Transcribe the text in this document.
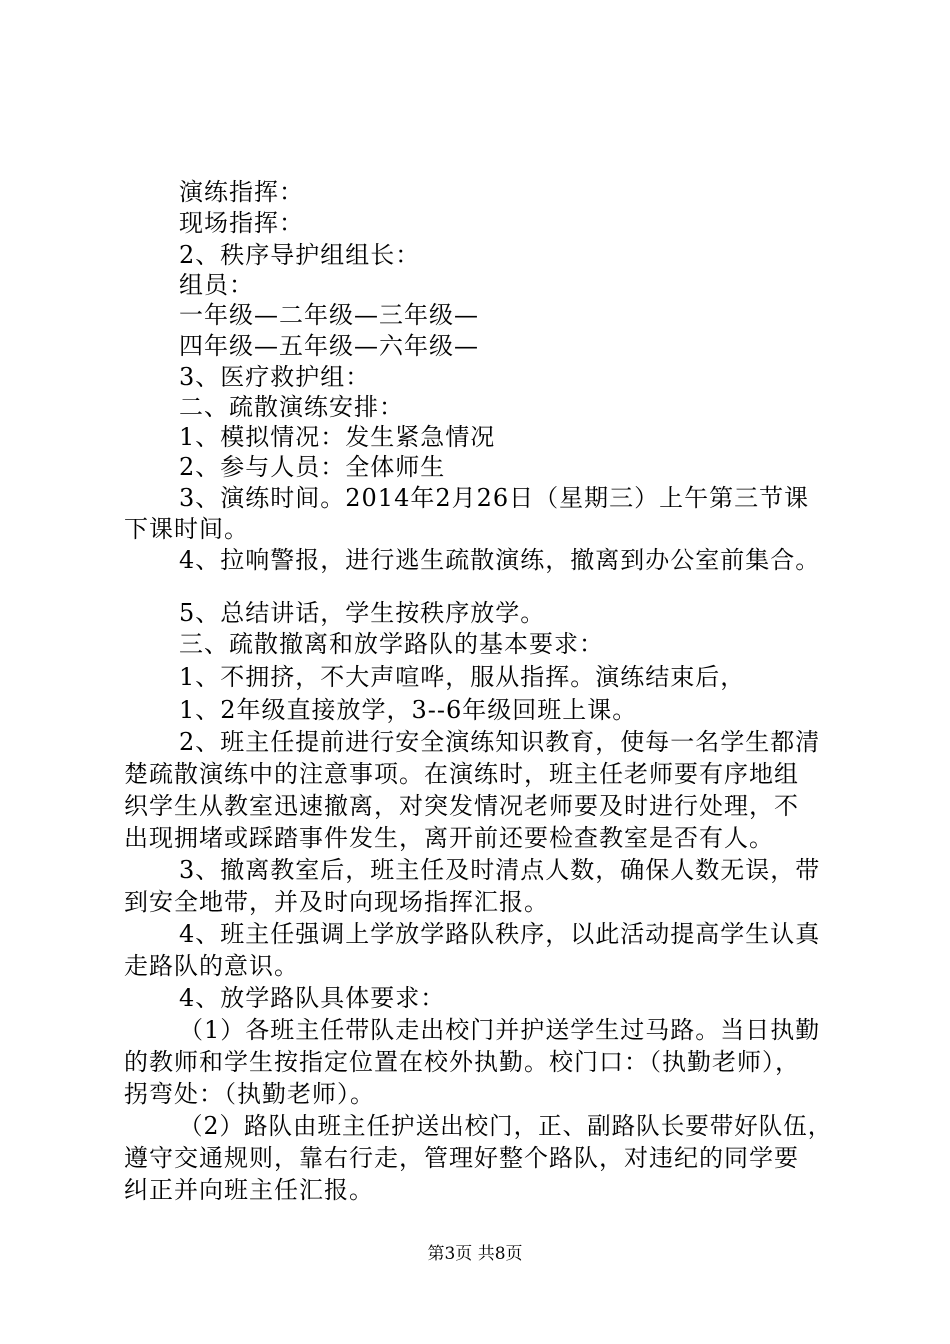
演练指挥：
现场指挥：
2、秩序导护组组长：
组员：
一年级—二年级—三年级—
四年级—五年级—六年级—
3、医疗救护组：
二、疏散演练安排：
1、模拟情况：发生紧急情况
2、参与人员：全体师生
3、演练时间。2014年2月26日（星期三）上午第三节课
下课时间。
4、拉响警报，进行逃生疏散演练，撤离到办公室前集合。
5、总结讲话，学生按秩序放学。
三、疏散撤离和放学路队的基本要求：
1、不拥挤，不大声喧哗，服从指挥。演练结束后，
1、2年级直接放学，3--6年级回班上课。
2、班主任提前进行安全演练知识教育，使每一名学生都清
楚疏散演练中的注意事项。在演练时，班主任老师要有序地组
织学生从教室迅速撤离，对突发情况老师要及时进行处理，不
出现拥堵或踩踏事件发生，离开前还要检查教室是否有人。
3、撤离教室后，班主任及时清点人数，确保人数无误，带
到安全地带，并及时向现场指挥汇报。
4、班主任强调上学放学路队秩序，以此活动提高学生认真
走路队的意识。
4、放学路队具体要求：
（1）各班主任带队走出校门并护送学生过马路。当日执勤
的教师和学生按指定位置在校外执勤。校门口：（执勤老师），
拐弯处：（执勤老师）。
（2）路队由班主任护送出校门，正、副路队长要带好队伍，
遵守交通规则，靠右行走，管理好整个路队，对违纪的同学要
纠正并向班主任汇报。
第3页 共8页
